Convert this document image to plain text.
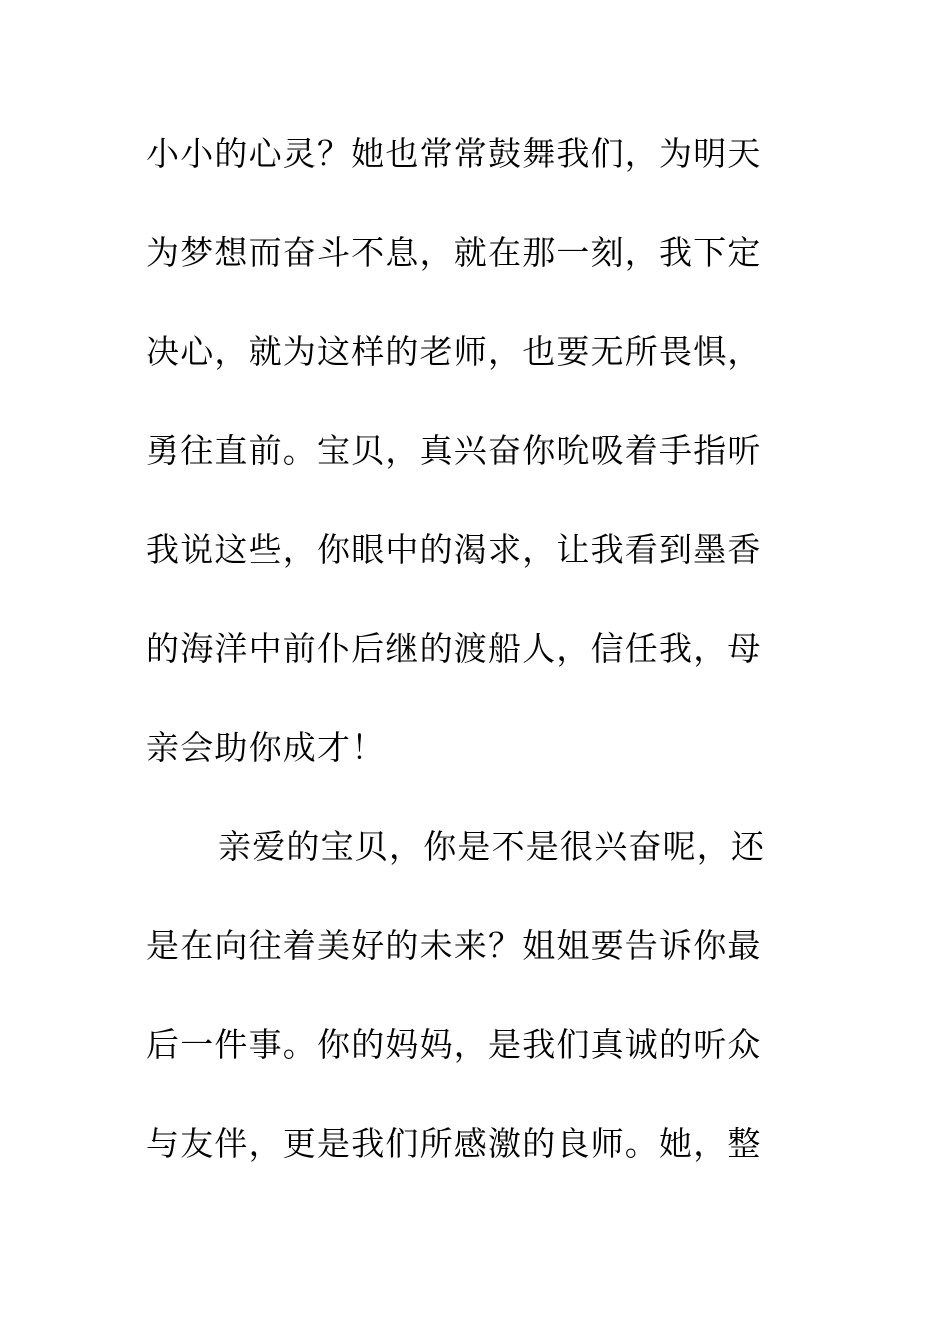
小小的心灵？她也常常鼓舞我们，为明天
为梦想而奋斗不息，就在那一刻，我下定
决心，就为这样的老师，也要无所畏惧，
勇往直前。宝贝，真兴奋你吮吸着手指听
我说这些，你眼中的渴求，让我看到墨香
的海洋中前仆后继的渡船人，信任我，母
亲会助你成才！
亲爱的宝贝，你是不是很兴奋呢，还
是在向往着美好的未来？姐姐要告诉你最
后一件事。你的妈妈，是我们真诚的听众
与友伴，更是我们所感激的良师。她，整
